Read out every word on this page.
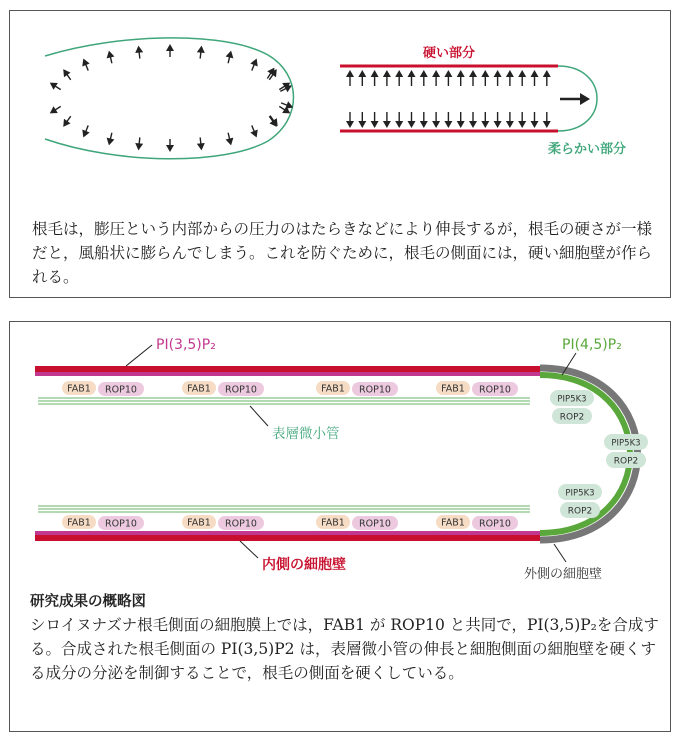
硬い部分
柔らかい部分

根毛は，膨圧という内部からの圧力のはたらきなどにより伸長するが，根毛の硬さが一様だと，風船状に膨らんでしまう。これを防ぐために，根毛の側面には，硬い細胞壁が作られる。

FAB1 ROP10	FAB1 ROP10	FAB1 ROP10	FAB1 ROP10
FAB1 ROP10	FAB1 ROP10	FAB1 ROP10	FAB1 ROP10
PIP5K3
ROP2
PIP5K3
ROP2
PIP5K3
ROP2
PI(3,5)P₂	PI(4,5)P₂
表層微小管
内側の細胞壁
外側の細胞壁
研究成果の概略図

シロイヌナズナ根毛側面の細胞膜上では，FAB1 が ROP10 と共同で，PI(3,5)P₂を合成する。合成された根毛側面の PI(3,5)P2 は，表層微小管の伸長と細胞側面の細胞壁を硬くする成分の分泌を制御することで，根毛の側面を硬くしている。
